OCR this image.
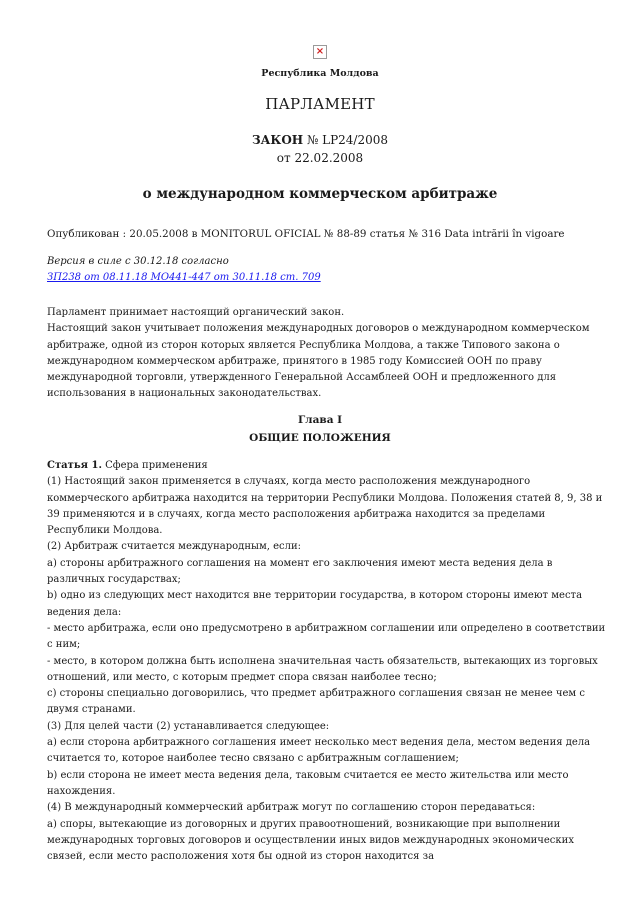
×
Республика Молдова
ПАРЛАМЕНТ
ЗАКОН № LP24/2008
от 22.02.2008
о международном коммерческом арбитраже
Опубликован : 20.05.2008 в MONITORUL OFICIAL № 88-89 статья № 316 Data intrării în vigoare
Версия в силе с 30.12.18 согласно
ЗП238 от 08.11.18 МО441-447 от 30.11.18 ст. 709

Парламент принимает настоящий органический закон.

Настоящий закон учитывает положения международных договоров о международном коммерческом арбитраже, одной из сторон которых является Республика Молдова, а также Типового закона о международном коммерческом арбитраже, принятого в 1985 году Комиссией ООН по праву международной торговли, утвержденного Генеральной Ассамблеей ООН и предложенного для использования в национальных законодательствах.

Глава I
ОБЩИЕ ПОЛОЖЕНИЯ

Статья 1. Сфера применения

(1) Настоящий закон применяется в случаях, когда место расположения международного коммерческого арбитража находится на территории Республики Молдова. Положения статей 8, 9, 38 и 39 применяются и в случаях, когда место расположения арбитража находится за пределами Республики Молдова.

(2) Арбитраж считается международным, если:

a) стороны арбитражного соглашения на момент его заключения имеют места ведения дела в различных государствах;

b) одно из следующих мест находится вне территории государства, в котором стороны имеют места ведения дела:

- место арбитража, если оно предусмотрено в арбитражном соглашении или определено в соответствии с ним;

- место, в котором должна быть исполнена значительная часть обязательств, вытекающих из торговых отношений, или место, с которым предмет спора связан наиболее тесно;

c) стороны специально договорились, что предмет арбитражного соглашения связан не менее чем с двумя странами.

(3) Для целей части (2) устанавливается следующее:

a) если сторона арбитражного соглашения имеет несколько мест ведения дела, местом ведения дела считается то, которое наиболее тесно связано с арбитражным соглашением;

b) если сторона не имеет места ведения дела, таковым считается ее место жительства или место нахождения.

(4) В международный коммерческий арбитраж могут по соглашению сторон передаваться:

a) споры, вытекающие из договорных и других правоотношений, возникающие при выполнении международных торговых договоров и осуществлении иных видов международных экономических связей, если место расположения хотя бы одной из сторон находится за
